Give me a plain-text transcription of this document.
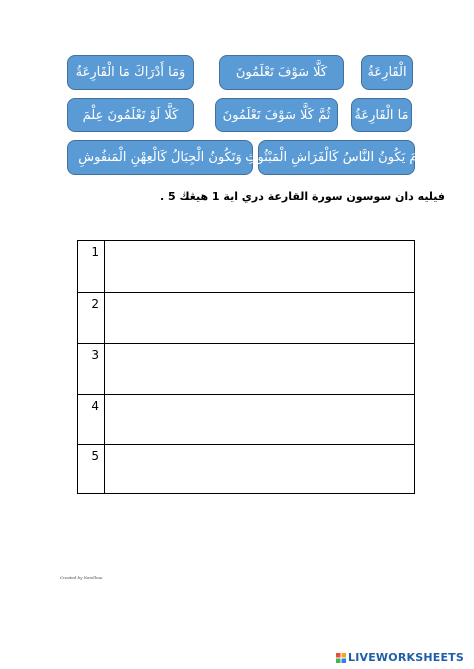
وَمَا أَدْرَاكَ مَا الْقَارِعَةُ	كَلَّا سَوْفَ تَعْلَمُونَ	الْقَارِعَةُ
كَلَّا لَوْ تَعْلَمُونَ عِلْمَ	ثُمَّ كَلَّا سَوْفَ تَعْلَمُونَ مَا الْقَارِعَةُ
وَتَكُونُ الْجِبَالُ كَالْعِهْنِ الْمَنفُوشِ يَوْمَ يَكُونُ النَّاسُ كَالْفَرَاشِ الْمَبْثُوثِ
فيليه دان سوسون سورة القارعة دري اية 1 هيڠڬ 5 .
1
2
3
4
5
Created by NanShuu
LIVEWORKSHEETS
